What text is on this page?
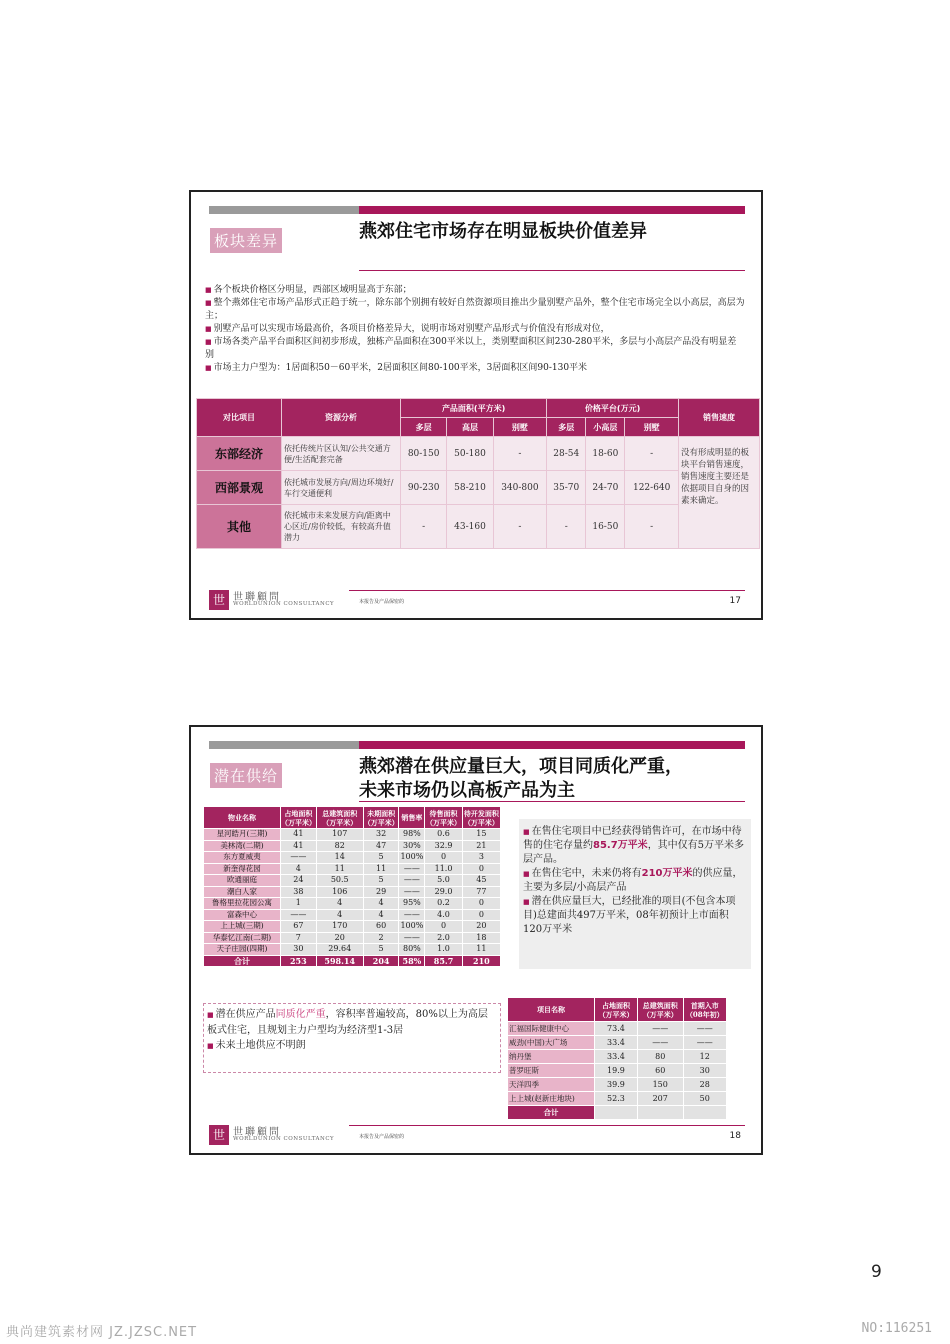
板块差异	燕郊住宅市场存在明显板块价值差异
■ 各个板块价格区分明显，西部区域明显高于东部；
■ 整个燕郊住宅市场产品形式正趋于统一，除东部个别拥有较好自然资源项目推出少量别墅产品外，整个住宅市场完全以小高层，高层为主；
■ 别墅产品可以实现市场最高价，各项目价格差异大，说明市场对别墅产品形式与价值没有形成对位，
■ 市场各类产品平台面积区间初步形成，独栋产品面积在300平米以上，类别墅面积区间230-280平米，多层与小高层产品没有明显差别
■ 市场主力户型为：1居面积50－60平米，2居面积区间80-100平米，3居面积区间90-130平米
对比项目	资源分析	产品面积(平方米)			价格平台(万元)			销售速度
		多层	高层	别墅	多层	小高层	别墅	
东部经济	依托传统片区认知/公共交通方便/生活配套完备	80-150	50-180	-	28-54	18-60	-	没有形成明显的板块平台销售速度，销售速度主要还是依据项目自身的因素来确定。
西部景观	依托城市发展方向/周边环境好/车行交通便利	90-230	58-210	340-800	35-70	24-70	122-640	
其他	依托城市未来发展方向/距离中心区近/房价较低，有较高升值潜力	-	43-160	-	-	16-50	-	
世 世聯顧問
WORLDUNION CONSULTANCY	本报告及产品保密的	17
潜在供给	燕郊潜在供应量巨大，项目同质化严重，
未来市场仍以高板产品为主
物业名称	占地面积（万平米）	总建筑面积（万平米）	未期面积（万平米）	销售率	待售面积（万平米）	待开发面积（万平米）
星河皓月(三期)	41	107	32	98%	0.6	15
美林湾(二期)	41	82	47	30%	32.9	21
东方夏威夷	——	14	5	100%	0	3
新奎得花园	4	11	11	——	11.0	0
欧通丽庭	24	50.5	5	——	5.0	45
潮白人家	38	106	29	——	29.0	77
鲁格里拉花园公寓	1	4	4	95%	0.2	0
富森中心	——	4	4	——	4.0	0
上上城(三期)	67	170	60	100%	0	20
华泰忆江南(二期)	7	20	2	——	2.0	18
天子庄园(四期)	30	29.64	5	80%	1.0	11
合计	253	598.14	204	58%	85.7	210
■ 在售住宅项目中已经获得销售许可，在市场中待售的住宅存量约85.7万平米，其中仅有5万平米多层产品。
■ 在售住宅中，未来仍将有210万平米的供应量，主要为多层/小高层产品
■ 潜在供应量巨大，已经批准的项目(不包含本项目)总建面共497万平米，08年初预计上市面积120万平米
■ 潜在供应产品同质化严重，容积率普遍较高，80%以上为高层板式住宅，且规划主力户型均为经济型1-3居
■ 未来土地供应不明朗
项目名称	占地面积（万平米）	总建筑面积（万平米）	首期入市（08年初）
汇福国际健康中心	73.4	——	——
威劲(中国)大广场	33.4	——	——
纳丹堡	33.4	80	12
普罗旺斯	19.9	60	30
天洋四季	39.9	150	28
上上城(赵新庄地块)	52.3	207	50
合计			
世 世聯顧問
WORLDUNION CONSULTANCY	本报告及产品保密的	18
9
典尚建筑素材网 JZ.JZSC.NET	NO:116251
